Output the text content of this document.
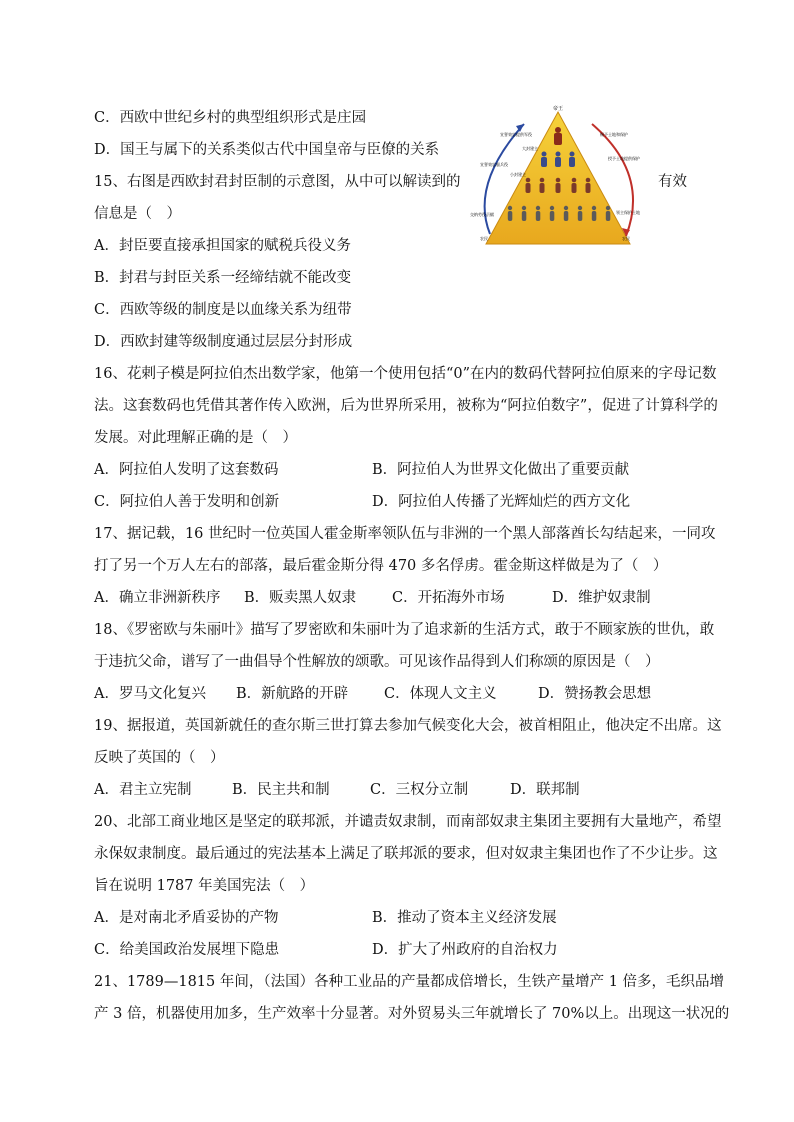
C．西欧中世纪乡村的典型组织形式是庄园
D．国王与属下的关系类似古代中国皇帝与臣僚的关系
15、右图是西欧封君封臣制的示意图，从中可以解读到的	有效
信息是（　）
A．封臣要直接承担国家的赋税兵役义务
B．封君与封臣关系一经缔结就不能改变
C．西欧等级的制度是以血缘关系为纽带
D．西欧封建等级制度通过层层分封形成
帝王
宣誓效忠提供军役
大封建主
宣誓效忠服兵役
小封建主
交纳劳役贡赋
农民
赐予土地和保护
授予土地提供保护
领主保护土地
农民
16、花剌子模是阿拉伯杰出数学家，他第一个使用包括“0”在内的数码代替阿拉伯原来的字母记数
法。这套数码也凭借其著作传入欧洲，后为世界所采用，被称为“阿拉伯数字”，促进了计算科学的
发展。对此理解正确的是（　）
A．阿拉伯人发明了这套数码	B．阿拉伯人为世界文化做出了重要贡献
C．阿拉伯人善于发明和创新	D．阿拉伯人传播了光辉灿烂的西方文化
17、据记载，16 世纪时一位英国人霍金斯率领队伍与非洲的一个黑人部落酋长勾结起来，一同攻
打了另一个万人左右的部落，最后霍金斯分得 470 多名俘虏。霍金斯这样做是为了（　）
A．确立非洲新秩序 B．贩卖黑人奴隶 C．开拓海外市场	D．维护奴隶制
18、《罗密欧与朱丽叶》描写了罗密欧和朱丽叶为了追求新的生活方式，敢于不顾家族的世仇，敢
于违抗父命，谱写了一曲倡导个性解放的颂歌。可见该作品得到人们称颂的原因是（　）
A．罗马文化复兴 B．新航路的开辟 C．体现人文主义	D．赞扬教会思想
19、据报道，英国新就任的查尔斯三世打算去参加气候变化大会，被首相阻止，他决定不出席。这
反映了英国的（　）
A．君主立宪制	B．民主共和制	C．三权分立制	D．联邦制
20、北部工商业地区是坚定的联邦派，并谴责奴隶制，而南部奴隶主集团主要拥有大量地产，希望
永保奴隶制度。最后通过的宪法基本上满足了联邦派的要求，但对奴隶主集团也作了不少让步。这
旨在说明 1787 年美国宪法（　）
A．是对南北矛盾妥协的产物	B．推动了资本主义经济发展
C．给美国政治发展埋下隐患	D．扩大了州政府的自治权力
21、1789—1815 年间，（法国）各种工业品的产量都成倍增长，生铁产量增产 1 倍多，毛织品增
产 3 倍，机器使用加多，生产效率十分显著。对外贸易头三年就增长了 70%以上。出现这一状况的
